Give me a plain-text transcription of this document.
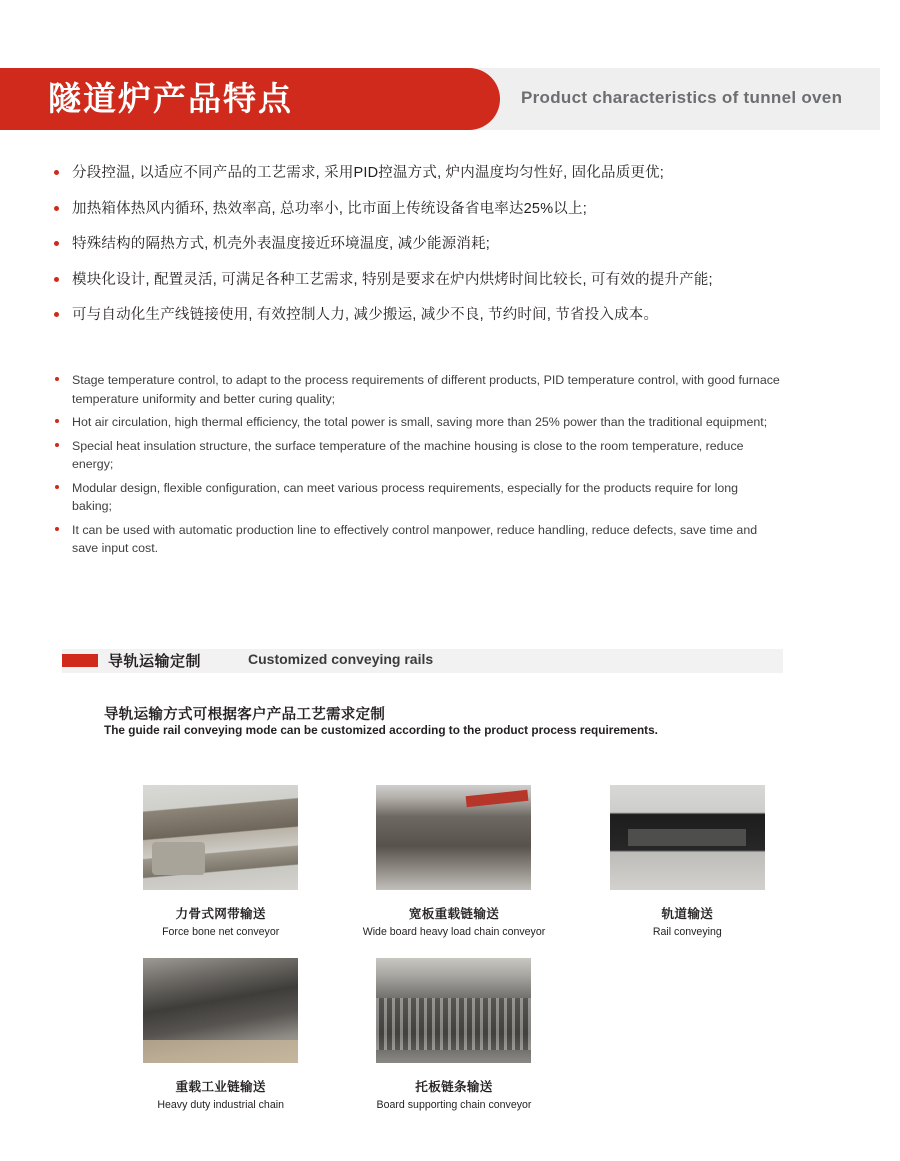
隧道炉产品特点	Product characteristics of tunnel oven
分段控温, 以适应不同产品的工艺需求, 采用PID控温方式, 炉内温度均匀性好, 固化品质更优;
加热箱体热风内循环, 热效率高, 总功率小, 比市面上传统设备省电率达25%以上;
特殊结构的隔热方式, 机壳外表温度接近环境温度, 减少能源消耗;
模块化设计, 配置灵活, 可满足各种工艺需求, 特别是要求在炉内烘烤时间比较长, 可有效的提升产能;
可与自动化生产线链接使用, 有效控制人力, 减少搬运, 减少不良, 节约时间, 节省投入成本。
Stage temperature control, to adapt to the process requirements of different products, PID temperature control, with good furnace temperature uniformity and better curing quality;
Hot air circulation, high thermal efficiency, the total power is small, saving more than 25% power than the traditional equipment;
Special heat insulation structure, the surface temperature of the machine housing is close to the room temperature, reduce energy;
Modular design, flexible configuration, can meet various process requirements, especially for the products require for long baking;
It can be used with automatic production line to effectively control manpower, reduce handling, reduce defects, save time and save input cost.
导轨运输定制	Customized conveying rails
导轨运输方式可根据客户产品工艺需求定制
The guide rail conveying mode can be customized according to the product process requirements.
力骨式网带输送
Force bone net conveyor
宽板重载链输送
Wide board heavy load chain conveyor
轨道输送
Rail conveying
重载工业链输送
Heavy duty industrial chain
托板链条输送
Board supporting chain conveyor
